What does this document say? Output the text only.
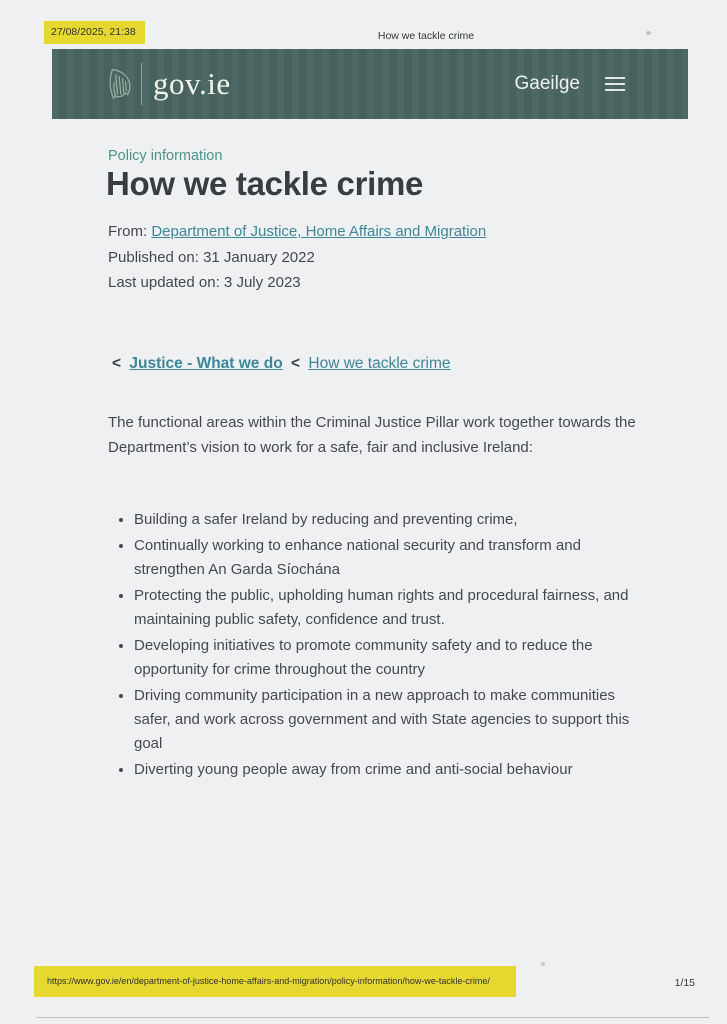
27/08/2025, 21:38	How we tackle crime
gov.ie	Gaeilge
Policy information
How we tackle crime
From: Department of Justice, Home Affairs and Migration
Published on: 31 January 2022
Last updated on: 3 July 2023
< Justice - What we do < How we tackle crime

The functional areas within the Criminal Justice Pillar work together towards the Department’s vision to work for a safe, fair and inclusive Ireland:

• Building a safer Ireland by reducing and preventing crime,
• Continually working to enhance national security and transform and strengthen An Garda Síochána
• Protecting the public, upholding human rights and procedural fairness, and maintaining public safety, confidence and trust.
• Developing initiatives to promote community safety and to reduce the opportunity for crime throughout the country
• Driving community participation in a new approach to make communities safer, and work across government and with State agencies to support this goal
• Diverting young people away from crime and anti-social behaviour
https://www.gov.ie/en/department-of-justice-home-affairs-and-migration/policy-information/how-we-tackle-crime/	1/15
